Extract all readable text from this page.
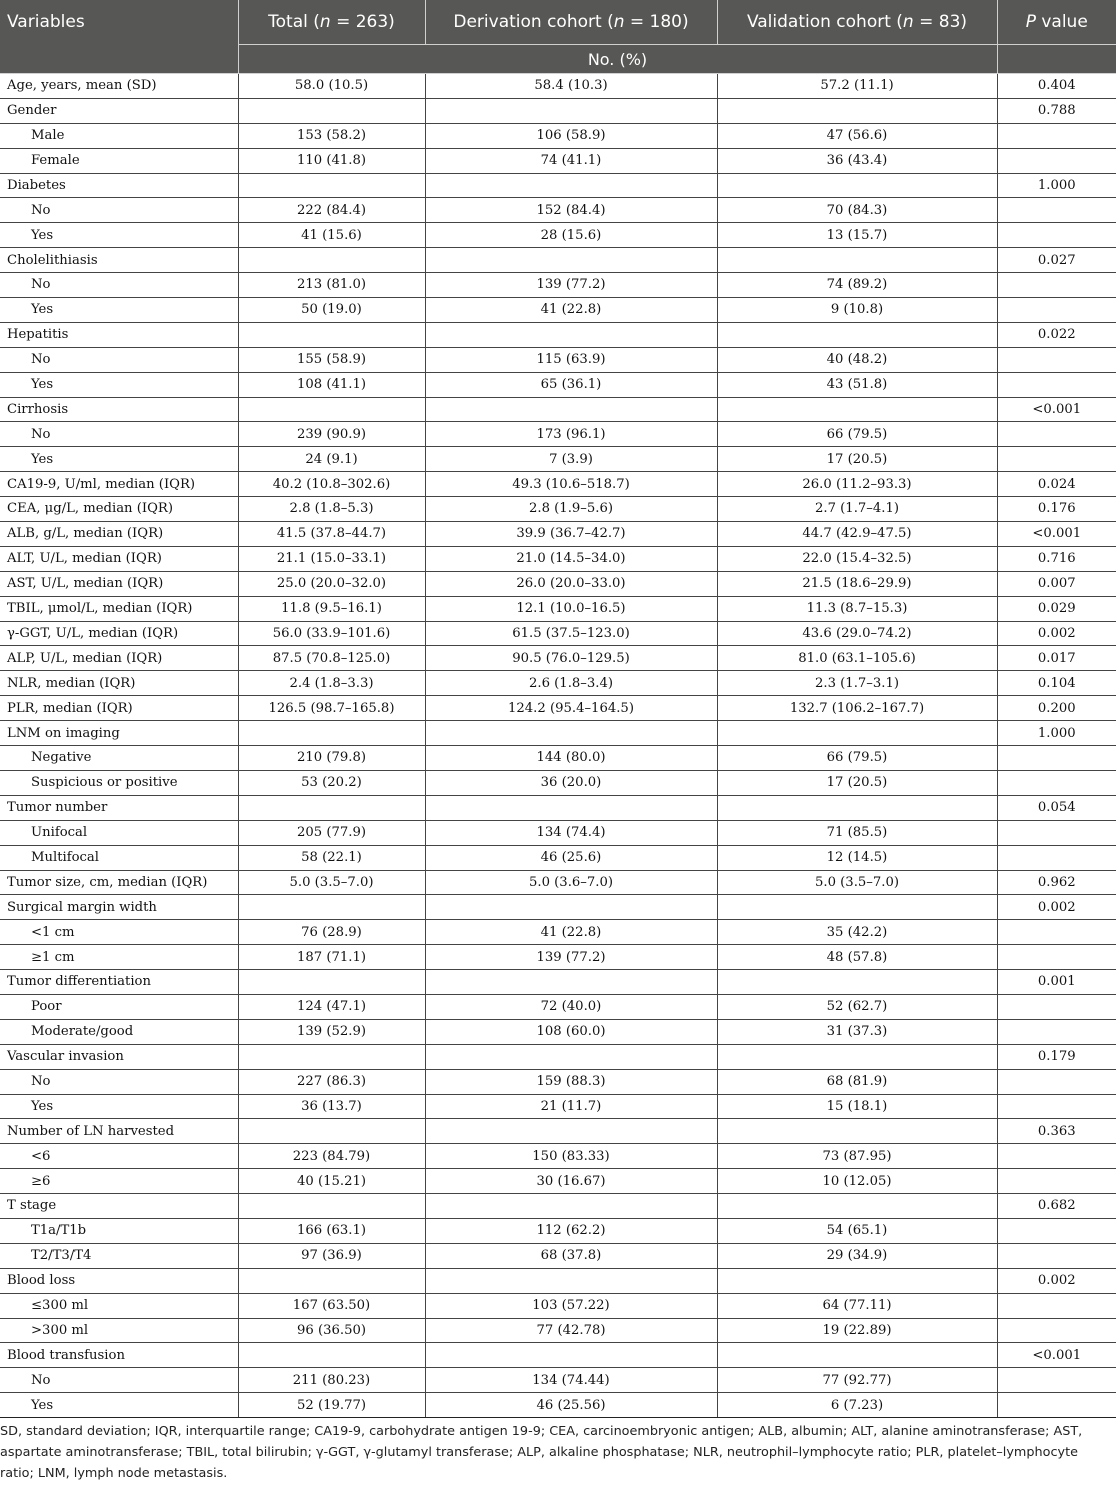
Variables	Total (n = 263)	Derivation cohort (n = 180)	Validation cohort (n = 83)	P value
	No. (%)			
Age, years, mean (SD)	58.0 (10.5)	58.4 (10.3)	57.2 (11.1)	0.404
Gender				0.788
Male	153 (58.2)	106 (58.9)	47 (56.6)	
Female	110 (41.8)	74 (41.1)	36 (43.4)	
Diabetes				1.000
No	222 (84.4)	152 (84.4)	70 (84.3)	
Yes	41 (15.6)	28 (15.6)	13 (15.7)	
Cholelithiasis				0.027
No	213 (81.0)	139 (77.2)	74 (89.2)	
Yes	50 (19.0)	41 (22.8)	9 (10.8)	
Hepatitis				0.022
No	155 (58.9)	115 (63.9)	40 (48.2)	
Yes	108 (41.1)	65 (36.1)	43 (51.8)	
Cirrhosis				<0.001
No	239 (90.9)	173 (96.1)	66 (79.5)	
Yes	24 (9.1)	7 (3.9)	17 (20.5)	
CA19-9, U/ml, median (IQR)	40.2 (10.8–302.6)	49.3 (10.6–518.7)	26.0 (11.2–93.3)	0.024
CEA, μg/L, median (IQR)	2.8 (1.8–5.3)	2.8 (1.9–5.6)	2.7 (1.7–4.1)	0.176
ALB, g/L, median (IQR)	41.5 (37.8–44.7)	39.9 (36.7–42.7)	44.7 (42.9–47.5)	<0.001
ALT, U/L, median (IQR)	21.1 (15.0–33.1)	21.0 (14.5–34.0)	22.0 (15.4–32.5)	0.716
AST, U/L, median (IQR)	25.0 (20.0–32.0)	26.0 (20.0–33.0)	21.5 (18.6–29.9)	0.007
TBIL, μmol/L, median (IQR)	11.8 (9.5–16.1)	12.1 (10.0–16.5)	11.3 (8.7–15.3)	0.029
γ-GGT, U/L, median (IQR)	56.0 (33.9–101.6)	61.5 (37.5–123.0)	43.6 (29.0–74.2)	0.002
ALP, U/L, median (IQR)	87.5 (70.8–125.0)	90.5 (76.0–129.5)	81.0 (63.1–105.6)	0.017
NLR, median (IQR)	2.4 (1.8–3.3)	2.6 (1.8–3.4)	2.3 (1.7–3.1)	0.104
PLR, median (IQR)	126.5 (98.7–165.8)	124.2 (95.4–164.5)	132.7 (106.2–167.7)	0.200
LNM on imaging				1.000
Negative	210 (79.8)	144 (80.0)	66 (79.5)	
Suspicious or positive	53 (20.2)	36 (20.0)	17 (20.5)	
Tumor number				0.054
Unifocal	205 (77.9)	134 (74.4)	71 (85.5)	
Multifocal	58 (22.1)	46 (25.6)	12 (14.5)	
Tumor size, cm, median (IQR)	5.0 (3.5–7.0)	5.0 (3.6–7.0)	5.0 (3.5–7.0)	0.962
Surgical margin width				0.002
<1 cm	76 (28.9)	41 (22.8)	35 (42.2)	
≥1 cm	187 (71.1)	139 (77.2)	48 (57.8)	
Tumor differentiation				0.001
Poor	124 (47.1)	72 (40.0)	52 (62.7)	
Moderate/good	139 (52.9)	108 (60.0)	31 (37.3)	
Vascular invasion				0.179
No	227 (86.3)	159 (88.3)	68 (81.9)	
Yes	36 (13.7)	21 (11.7)	15 (18.1)	
Number of LN harvested				0.363
<6	223 (84.79)	150 (83.33)	73 (87.95)	
≥6	40 (15.21)	30 (16.67)	10 (12.05)	
T stage				0.682
T1a/T1b	166 (63.1)	112 (62.2)	54 (65.1)	
T2/T3/T4	97 (36.9)	68 (37.8)	29 (34.9)	
Blood loss				0.002
≤300 ml	167 (63.50)	103 (57.22)	64 (77.11)	
>300 ml	96 (36.50)	77 (42.78)	19 (22.89)	
Blood transfusion				<0.001
No	211 (80.23)	134 (74.44)	77 (92.77)	
Yes	52 (19.77)	46 (25.56)	6 (7.23)	

SD, standard deviation; IQR, interquartile range; CA19-9, carbohydrate antigen 19-9; CEA, carcinoembryonic antigen; ALB, albumin; ALT, alanine aminotransferase; AST, aspartate aminotransferase; TBIL, total bilirubin; γ-GGT, γ-glutamyl transferase; ALP, alkaline phosphatase; NLR, neutrophil–lymphocyte ratio; PLR, platelet–lymphocyte ratio; LNM, lymph node metastasis.
